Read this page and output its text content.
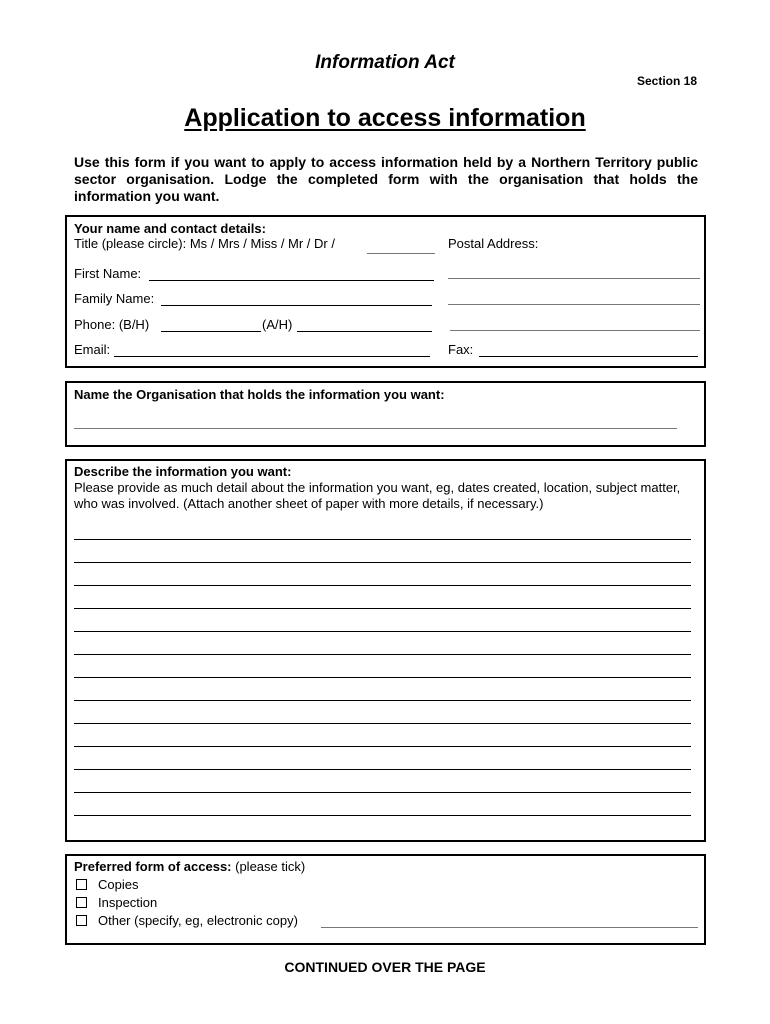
Information Act
Section 18
Application to access information
Use this form if you want to apply to access information held by a Northern Territory public sector organisation. Lodge the completed form with the organisation that holds the information you want.
Your name and contact details:
Title (please circle): Ms / Mrs / Miss / Mr / Dr /	Postal Address:
First Name:
Family Name:
Phone: (B/H)	(A/H)
Email:	Fax:
Name the Organisation that holds the information you want:
Describe the information you want:
Please provide as much detail about the information you want, eg, dates created, location, subject matter, who was involved. (Attach another sheet of paper with more details, if necessary.)
Preferred form of access: (please tick)
Copies
Inspection
Other (specify, eg, electronic copy)
CONTINUED OVER THE PAGE
